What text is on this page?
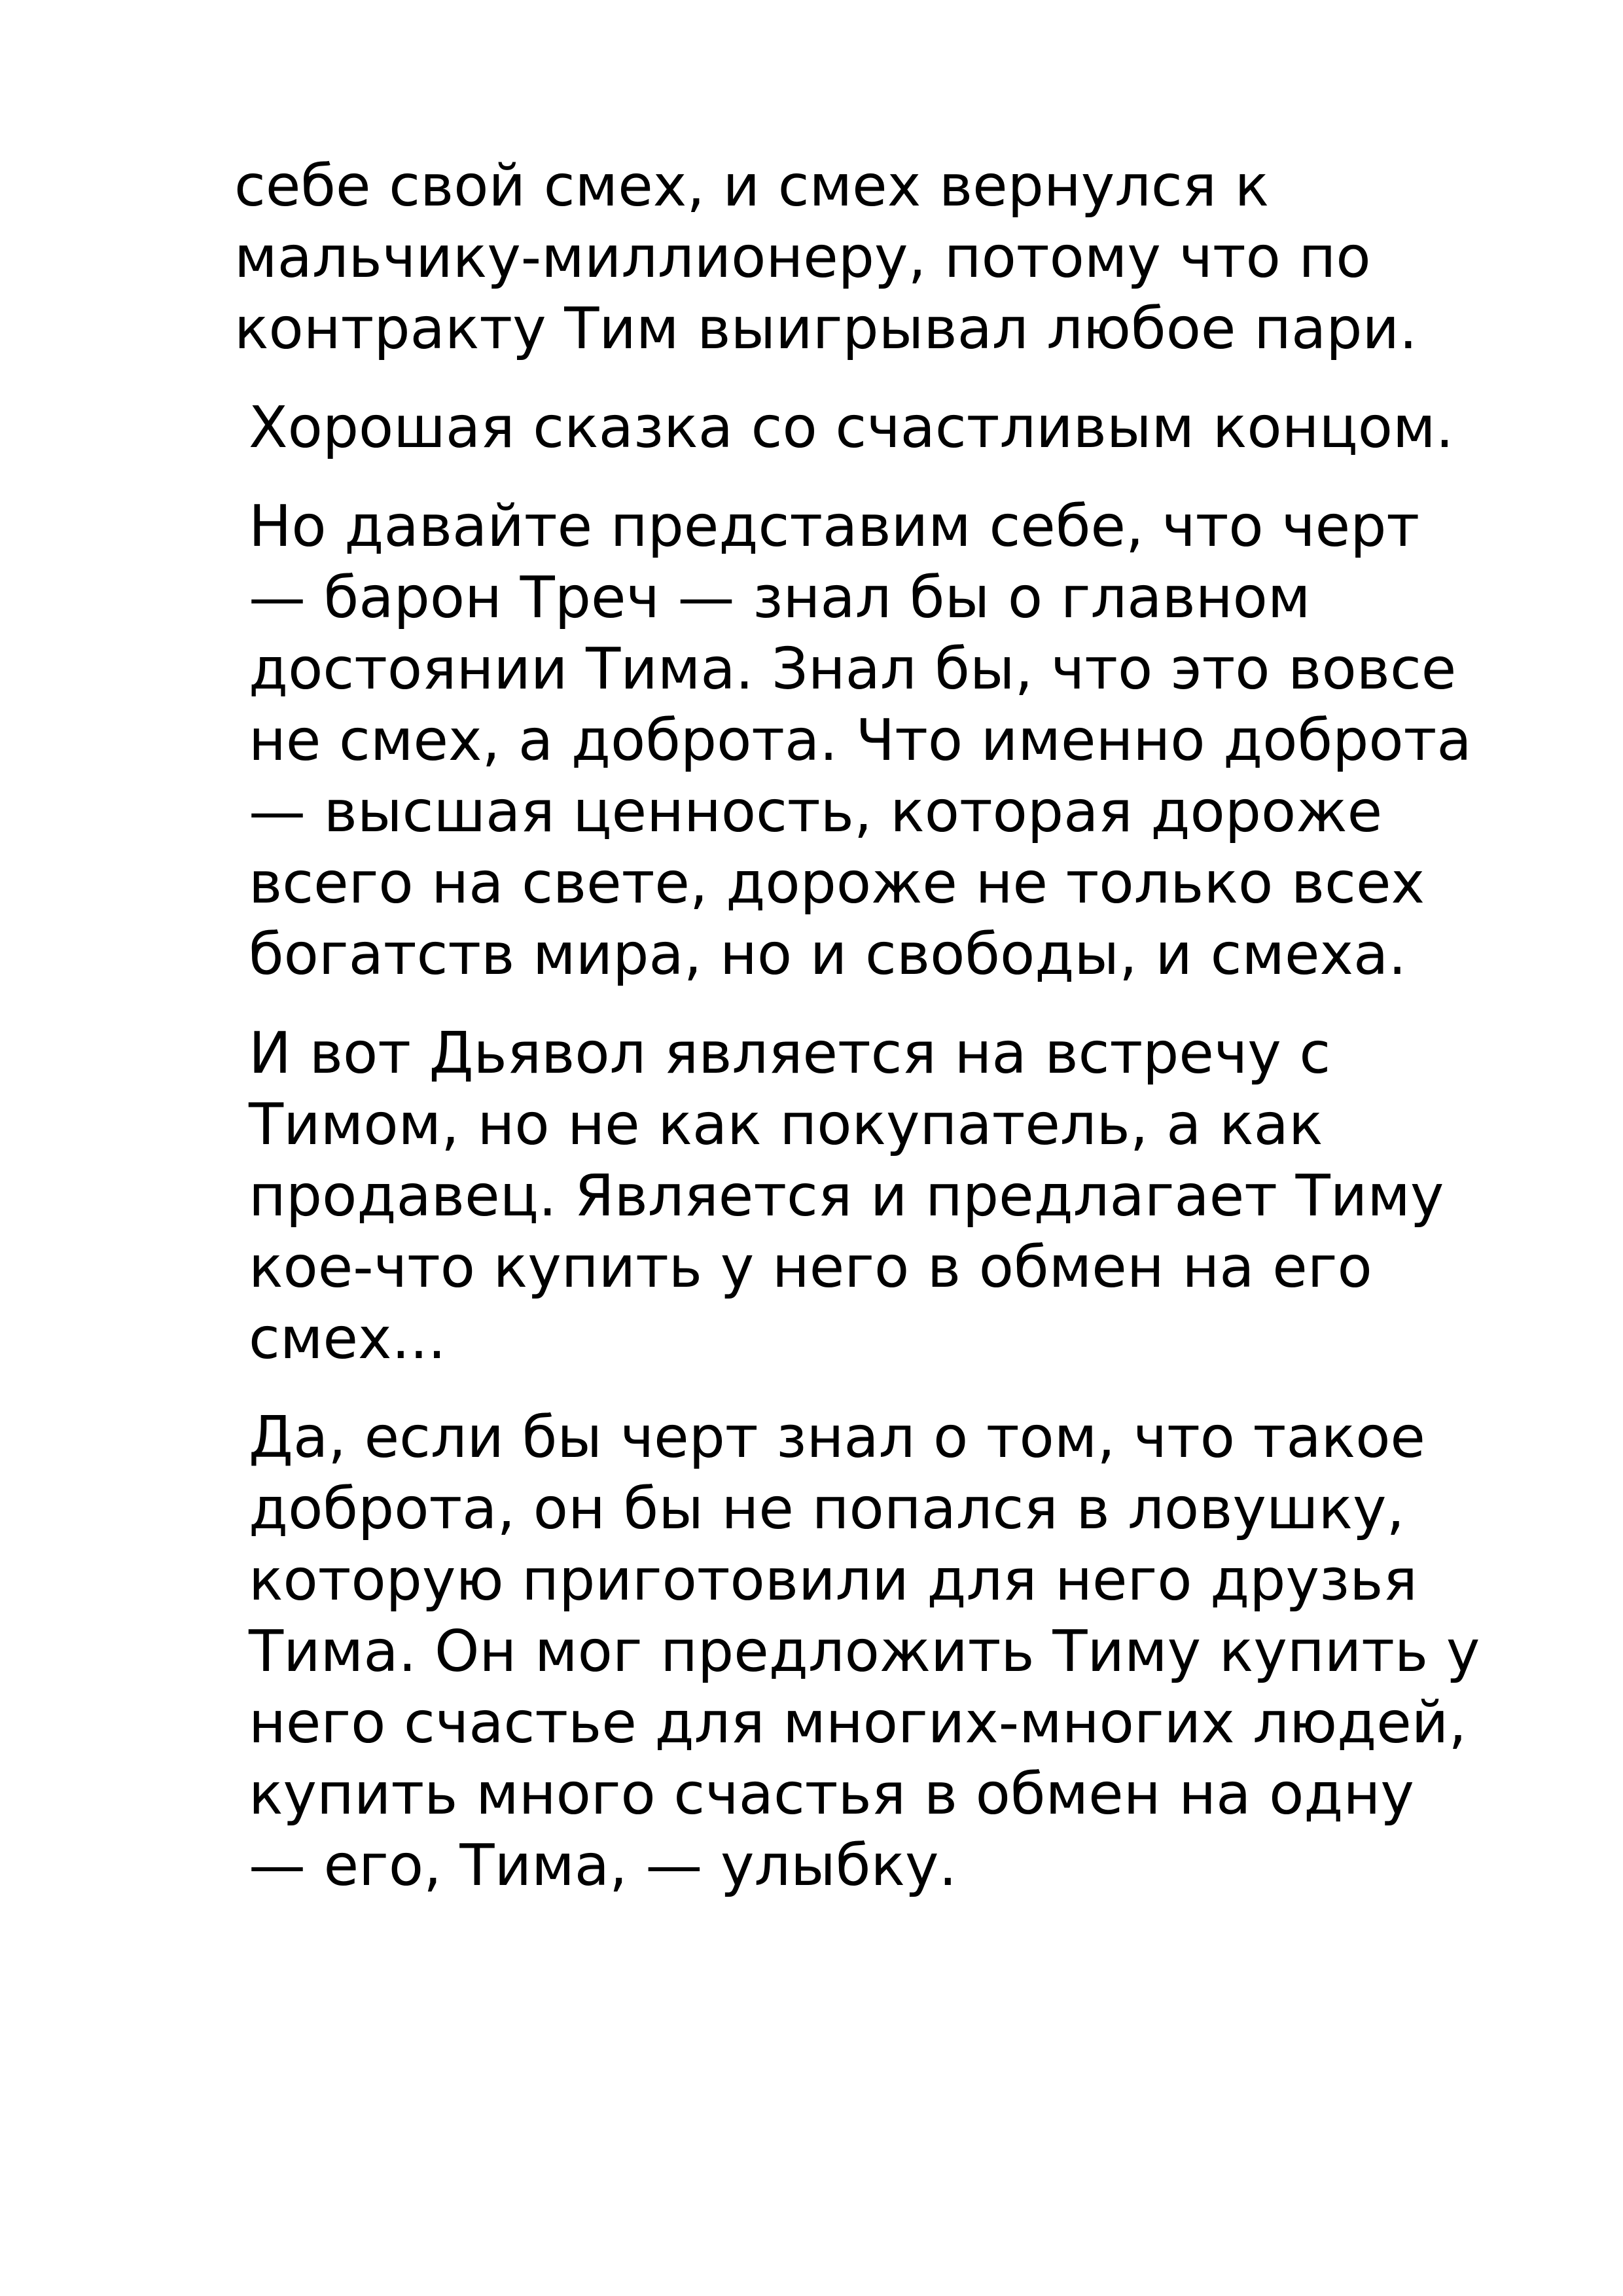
себе свой смех, и смех вернулся к
мальчику-миллионеру, потому что по
контракту Тим выигрывал любое пари.

Хорошая сказка со счастливым концом.

Но давайте представим себе, что черт
— барон Треч — знал бы о главном
достоянии Тима. Знал бы, что это вовсе
не смех, а доброта. Что именно доброта
— высшая ценность, которая дороже
всего на свете, дороже не только всех
богатств мира, но и свободы, и смеха.

И вот Дьявол является на встречу с
Тимом, но не как покупатель, а как
продавец. Является и предлагает Тиму
кое-что купить у него в обмен на его
смех...

Да, если бы черт знал о том, что такое
доброта, он бы не попался в ловушку,
которую приготовили для него друзья
Тима. Он мог предложить Тиму купить у
него счастье для многих-многих людей,
купить много счастья в обмен на одну
— его, Тима, — улыбку.
